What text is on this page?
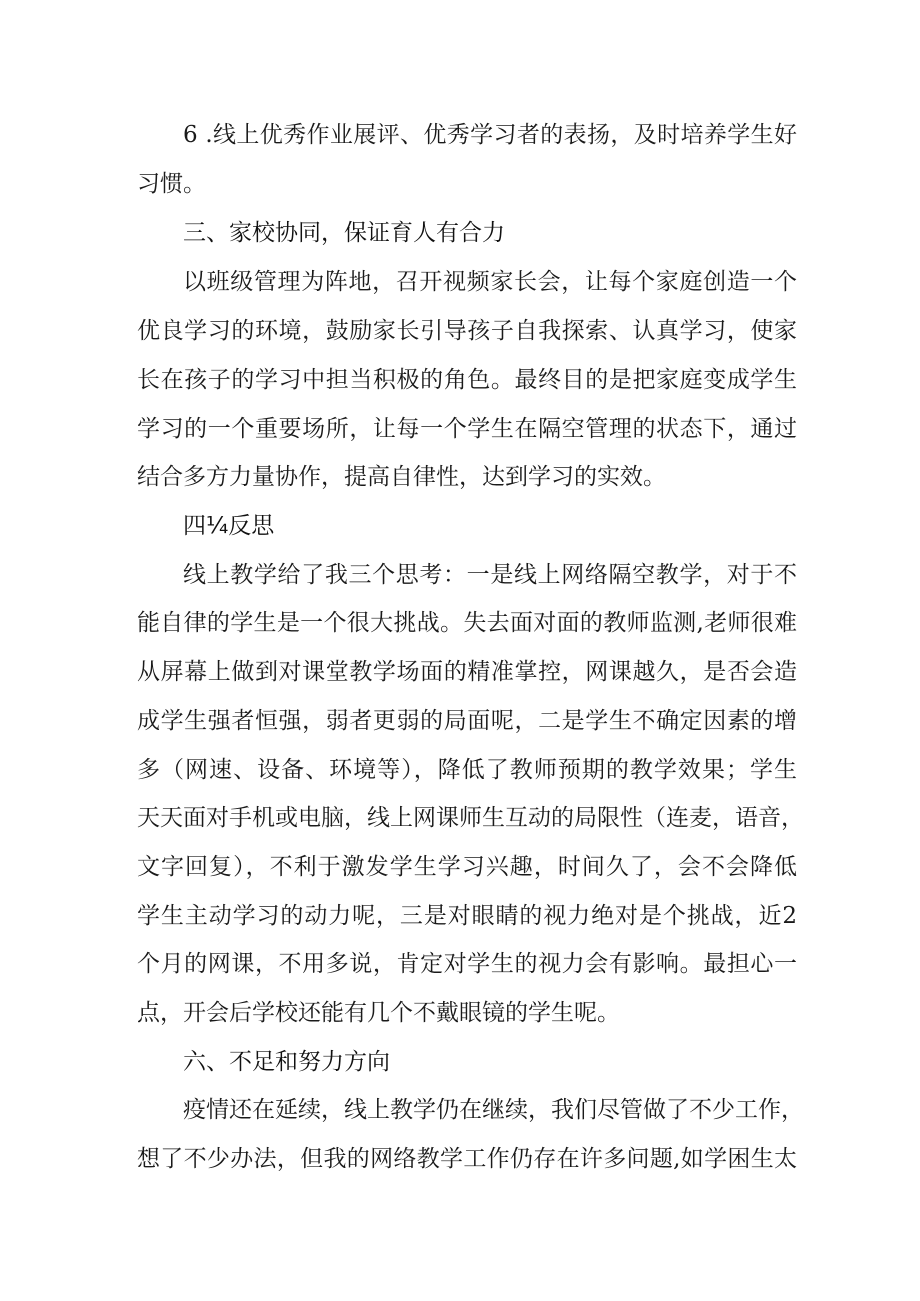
6 .线上优秀作业展评、优秀学习者的表扬，及时培养学生好
习惯。
三、家校协同，保证育人有合力
以班级管理为阵地，召开视频家长会，让每个家庭创造一个
优良学习的环境，鼓励家长引导孩子自我探索、认真学习，使家
长在孩子的学习中担当积极的角色。最终目的是把家庭变成学生
学习的一个重要场所，让每一个学生在隔空管理的状态下，通过
结合多方力量协作，提高自律性，达到学习的实效。
四¼反思
线上教学给了我三个思考：一是线上网络隔空教学，对于不
能自律的学生是一个很大挑战。失去面对面的教师监测,老师很难
从屏幕上做到对课堂教学场面的精准掌控，网课越久，是否会造
成学生强者恒强，弱者更弱的局面呢，二是学生不确定因素的增
多（网速、设备、环境等），降低了教师预期的教学效果；学生
天天面对手机或电脑，线上网课师生互动的局限性（连麦，语音，
文字回复），不利于激发学生学习兴趣，时间久了，会不会降低
学生主动学习的动力呢，三是对眼睛的视力绝对是个挑战，近2
个月的网课，不用多说，肯定对学生的视力会有影响。最担心一
点，开会后学校还能有几个不戴眼镜的学生呢。
六、不足和努力方向
疫情还在延续，线上教学仍在继续，我们尽管做了不少工作，
想了不少办法，但我的网络教学工作仍存在许多问题,如学困生太
